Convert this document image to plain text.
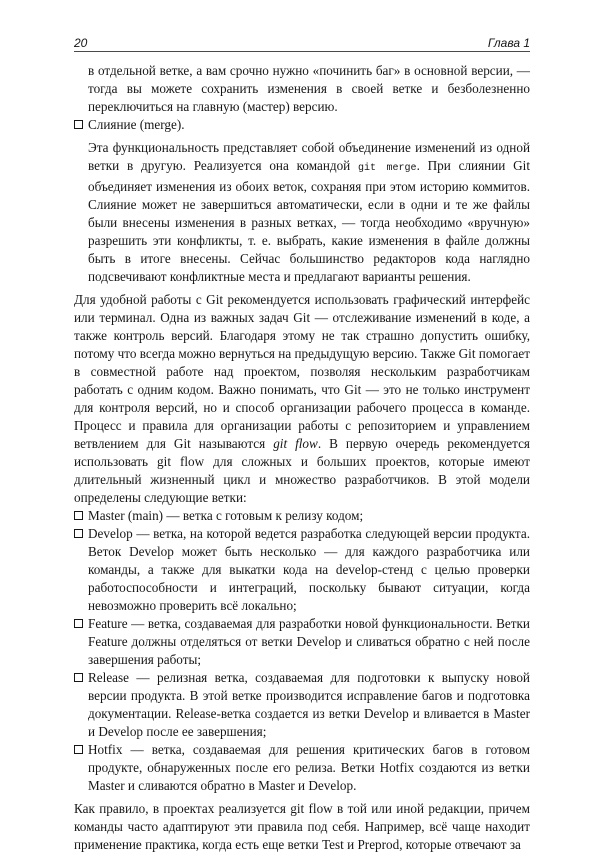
20	Глава 1

в отдельной ветке, а вам срочно нужно «починить баг» в основной версии, — тогда вы можете сохранить изменения в своей ветке и безболезненно переключиться на главную (мастер) версию.

Слияние (merge).

Эта функциональность представляет собой объединение изменений из одной ветки в другую. Реализуется она командой git merge. При слиянии Git объединяет изменения из обоих веток, сохраняя при этом историю коммитов. Слияние может не завершиться автоматически, если в одни и те же файлы были внесены изменения в разных ветках, — тогда необходимо «вручную» разрешить эти конфликты, т. е. выбрать, какие изменения в файле должны быть в итоге внесены. Сейчас большинство редакторов кода наглядно подсвечивают конфликтные места и предлагают варианты решения.

Для удобной работы с Git рекомендуется использовать графический интерфейс или терминал. Одна из важных задач Git — отслеживание изменений в коде, а также контроль версий. Благодаря этому не так страшно допустить ошибку, потому что всегда можно вернуться на предыдущую версию. Также Git помогает в совместной работе над проектом, позволяя нескольким разработчикам работать с одним кодом. Важно понимать, что Git — это не только инструмент для контроля версий, но и способ организации рабочего процесса в команде. Процесс и правила для организации работы с репозиторием и управлением ветвлением для Git называются git flow. В первую очередь рекомендуется использовать git flow для сложных и больших проектов, которые имеют длительный жизненный цикл и множество разработчиков. В этой модели определены следующие ветки:

Master (main) — ветка с готовым к релизу кодом;
Develop — ветка, на которой ведется разработка следующей версии продукта. Веток Develop может быть несколько — для каждого разработчика или команды, а также для выкатки кода на develop-стенд с целью проверки работоспособности и интеграций, поскольку бывают ситуации, когда невозможно проверить всё локально;
Feature — ветка, создаваемая для разработки новой функциональности. Ветки Feature должны отделяться от ветки Develop и сливаться обратно с ней после завершения работы;
Release — релизная ветка, создаваемая для подготовки к выпуску новой версии продукта. В этой ветке производится исправление багов и подготовка документации. Release-ветка создается из ветки Develop и вливается в Master и Develop после ее завершения;
Hotfix — ветка, создаваемая для решения критических багов в готовом продукте, обнаруженных после его релиза. Ветки Hotfix создаются из ветки Master и сливаются обратно в Master и Develop.

Как правило, в проектах реализуется git flow в той или иной редакции, причем команды часто адаптируют эти правила под себя. Например, всё чаще находит применение практика, когда есть еще ветки Test и Preprod, которые отвечают за
